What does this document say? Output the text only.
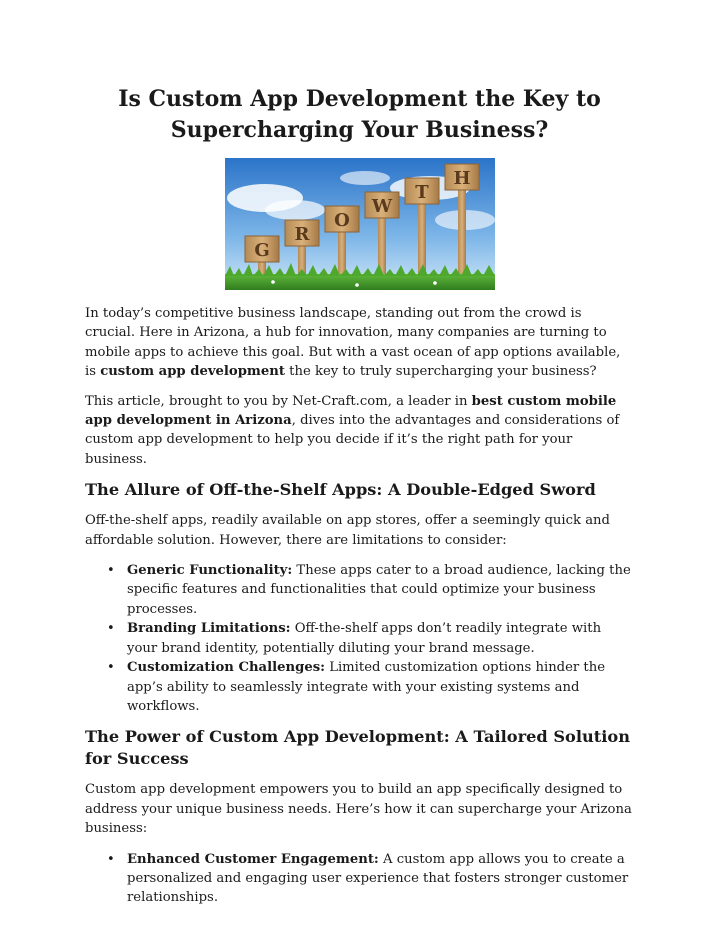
Is Custom App Development the Key to Supercharging Your Business?
G
R
O
W
T
H

In today’s competitive business landscape, standing out from the crowd is crucial. Here in Arizona, a hub for innovation, many companies are turning to mobile apps to achieve this goal. But with a vast ocean of app options available, is custom app development the key to truly supercharging your business?

This article, brought to you by Net-Craft.com, a leader in best custom mobile app development in Arizona, dives into the advantages and considerations of custom app development to help you decide if it’s the right path for your business.

The Allure of Off-the-Shelf Apps: A Double-Edged Sword

Off-the-shelf apps, readily available on app stores, offer a seemingly quick and affordable solution. However, there are limitations to consider:

• Generic Functionality: These apps cater to a broad audience, lacking the specific features and functionalities that could optimize your business processes.
• Branding Limitations: Off-the-shelf apps don’t readily integrate with your brand identity, potentially diluting your brand message.
• Customization Challenges: Limited customization options hinder the app’s ability to seamlessly integrate with your existing systems and workflows.
The Power of Custom App Development: A Tailored Solution for Success

Custom app development empowers you to build an app specifically designed to address your unique business needs. Here’s how it can supercharge your Arizona business:

• Enhanced Customer Engagement: A custom app allows you to create a personalized and engaging user experience that fosters stronger customer relationships.
